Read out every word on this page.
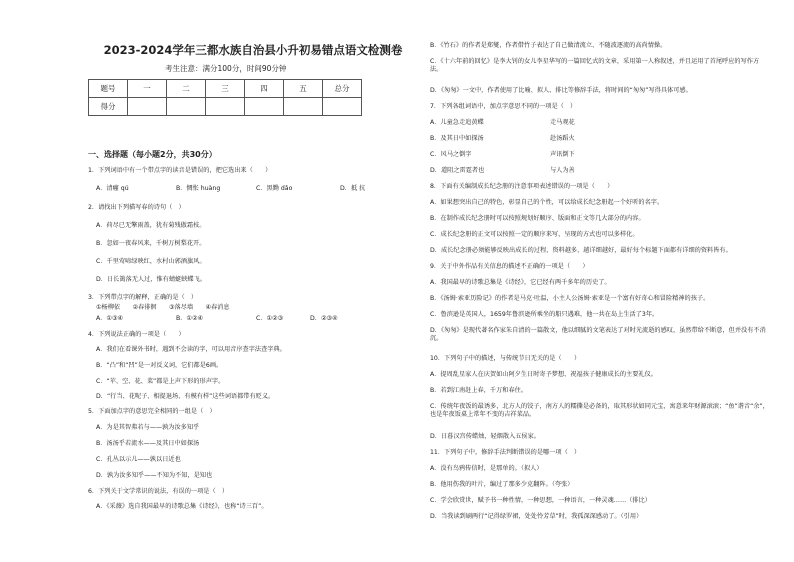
2023-2024学年三都水族自治县小升初易错点语文检测卷
考生注意：满分100分，时间90分钟
题号	一	二	三	四	五	总分
得分						
一、选择题（每小题2分，共30分）
1．下列词语中有一个带点字的读音是错误的，把它选出来（　　）
A．清癯 qú	B．惆怅 huàng	C．黑黝 dǎo	D．抵 抗
2．请找出下列描写春的诗句（　）
A．荷尽已无擎雨盖，犹有菊残傲霜枝。
B．忽如一夜春风来，千树万树梨花开。
C．千里莺啼绿映红，水村山郭酒旗风。
D．日长篱落无人过，惟有蜻蜓蛱蝶飞。
3．下列带点字的解释，正确的是（　）
①杨柳依　　②春徘徊　　③落尽墙　　④春消息
A．①③④	B．①②④	C．①②③	D．②③④
4．下列说法正确的一项是（　　）
A．我们在看课外书时，遇到不会读的字，可以用音序查字法查字典。
B．“凸”和“凹”是一对反义词，它们都是6画。
C．“苹、空、花、菜”都是上声下形的形声字。
D．“行当、花呢子、相提退场、有模有样”这些词语都带有贬义。
5．下面加点字的意思完全相同的一组是（　）
A．为是其智弗若与——孰为汝多知乎
B．汤汤乎若流水——及其日中如探汤
C．孔丛以示儿——孰以日近也
D．孰为汝多知乎——不知为不知，是知也
6．下列关于文学常识的说法，有误的一项是（　）
A．《采薇》选自我国最早的诗歌总集《诗经》，也称“诗三百”。
B．《竹石》的作者是郑燮，作者借竹子表达了自己做清流立、不随波逐流的高尚情操。
C．《十六年前的回忆》是李大钊的女儿李星华写的一篇回忆式的文章，采用第一人称叙述，并且运用了首尾呼应的写作方法。
D．《匆匆》一文中，作者使用了比喻、拟人、排比等修辞手法，将时间的“匆匆”写得具体可感。
7．下列各组词语中，加点字意思不同的一项是（　）
A．儿童急走追黄蝶	走马观花
B．及其日中如探汤	赴汤蹈火
C．风马之倒字	声讯倒下
D．道阻之雷霆者也	与人为善
8．下面有关编制成长纪念册的注意事项表述错误的一项是（　　）
A．如果想突出自己的特色，彰显自己的个性，可以给成长纪念册起一个好听的名字。
B．在制作成长纪念册时可以按照规划好顺序、版面和正文等几大部分的内容。
C．成长纪念册的正文可以按照一定的顺序来写，呈现的方式也可以多样化。
D．成长纪念册必须能够反映出成长的过程，资料越多、越详细越好，最好每个标题下面都有详细的资料皆有。
9．关于中外作品有关信息的描述不正确的一项是（　　）
A．我国最早的诗歌总集是《诗经》，它已经有两千多年的历史了。
B．《汤姆·索亚历险记》的作者是马克·吐温，小主人公汤姆·索亚是一个富有好奇心和冒险精神的孩子。
C．鲁滨逊是英国人，1659年鲁滨逊所乘坐的船只遇难，他一共在岛上生活了3年。
D．《匆匆》是现代著名作家朱自清的一篇散文，他以细腻的文笔表达了对时光流逝的感叹，虽然带给不断意，但并没有不消沉。
10．下列句子中的描述，与传统节日无关的是（　　）
A．提周乱星家人在庆贺如山阿夕生日时寄予梦想、祝福孩子健康成长的主要礼仪。
B．若到江南赶上春，千万和春住。
C．传统年夜饭的最诱多，北方人的饺子，南方人的糯撕是必备的，取其形状如同元宝，寓意来年财源滚滚；“鱼”谐音“余”，也是年夜饭桌上常年不变的吉祥菜品。
D．日暮汉宫传蜡烛，轻烟散入五侯家。
11．下列句子中，修辞手法判断错误的是哪一项（　）
A．没有鸟鸦传信时，是那单的。（拟人）
B．他用伤我的叶片，编过了那多少克翻阵。（夸张）
C．学会欣赏世，赋予书一种性情，一种思想，一种语言，一种灵魂……（排比）
D．当我读到刷两行“记得绿罗裙，处处怜芳草”时，我孤深深感动了。（引用）
